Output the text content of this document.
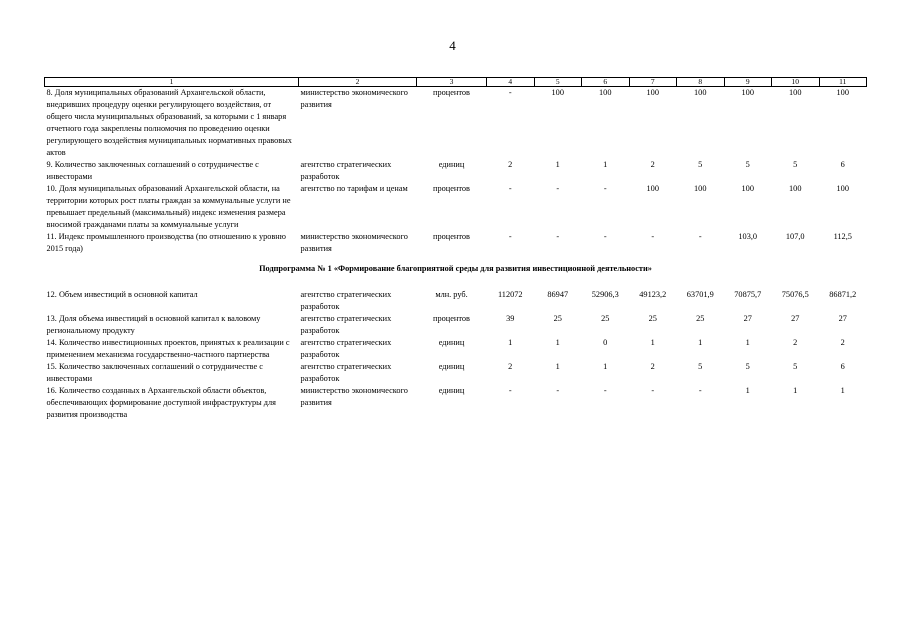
4
1	2	3	4	5	6	7	8	9	10	11
8. Доля муниципальных образований Архангельской области, внедривших процедуру оценки регулирующего воздействия, от общего числа муниципальных образований, за которыми с 1 января отчетного года закреплены полномочия по проведению оценки регулирующего воздействия муниципальных нормативных правовых актов	министерство экономического развития	процентов	-	100	100	100	100	100	100	100
9. Количество заключенных соглашений о сотрудничестве с инвесторами	агентство стратегических разработок	единиц	2	1	1	2	5	5	5	6
10. Доля муниципальных образований Архангельской области, на территории которых рост платы граждан за коммунальные услуги не превышает предельный (максимальный) индекс изменения размера вносимой гражданами платы за коммунальные услуги	агентство по тарифам и ценам	процентов	-	-	-	100	100	100	100	100
11. Индекс промышленного производства (по отношению к уровню 2015 года)	министерство экономического развития	процентов	-	-	-	-	-	103,0	107,0	112,5
Подпрограмма № 1 «Формирование благоприятной среды для развития инвестиционной деятельности»										
12. Объем инвестиций в основной капитал	агентство стратегических разработок	млн. руб.	112072	86947	52906,3	49123,2	63701,9	70875,7	75076,5	86871,2
13. Доля объема инвестиций в основной капитал к валовому региональному продукту	агентство стратегических разработок	процентов	39	25	25	25	25	27	27	27
14. Количество инвестиционных проектов, принятых к реализации с применением механизма государственно-частного партнерства	агентство стратегических разработок	единиц	1	1	0	1	1	1	2	2
15. Количество заключенных соглашений о сотрудничестве с инвесторами	агентство стратегических разработок	единиц	2	1	1	2	5	5	5	6
16. Количество созданных в Архангельской области объектов, обеспечивающих формирование доступной инфраструктуры для развития производства	министерство экономического развития	единиц	-	-	-	-	-	1	1	1
